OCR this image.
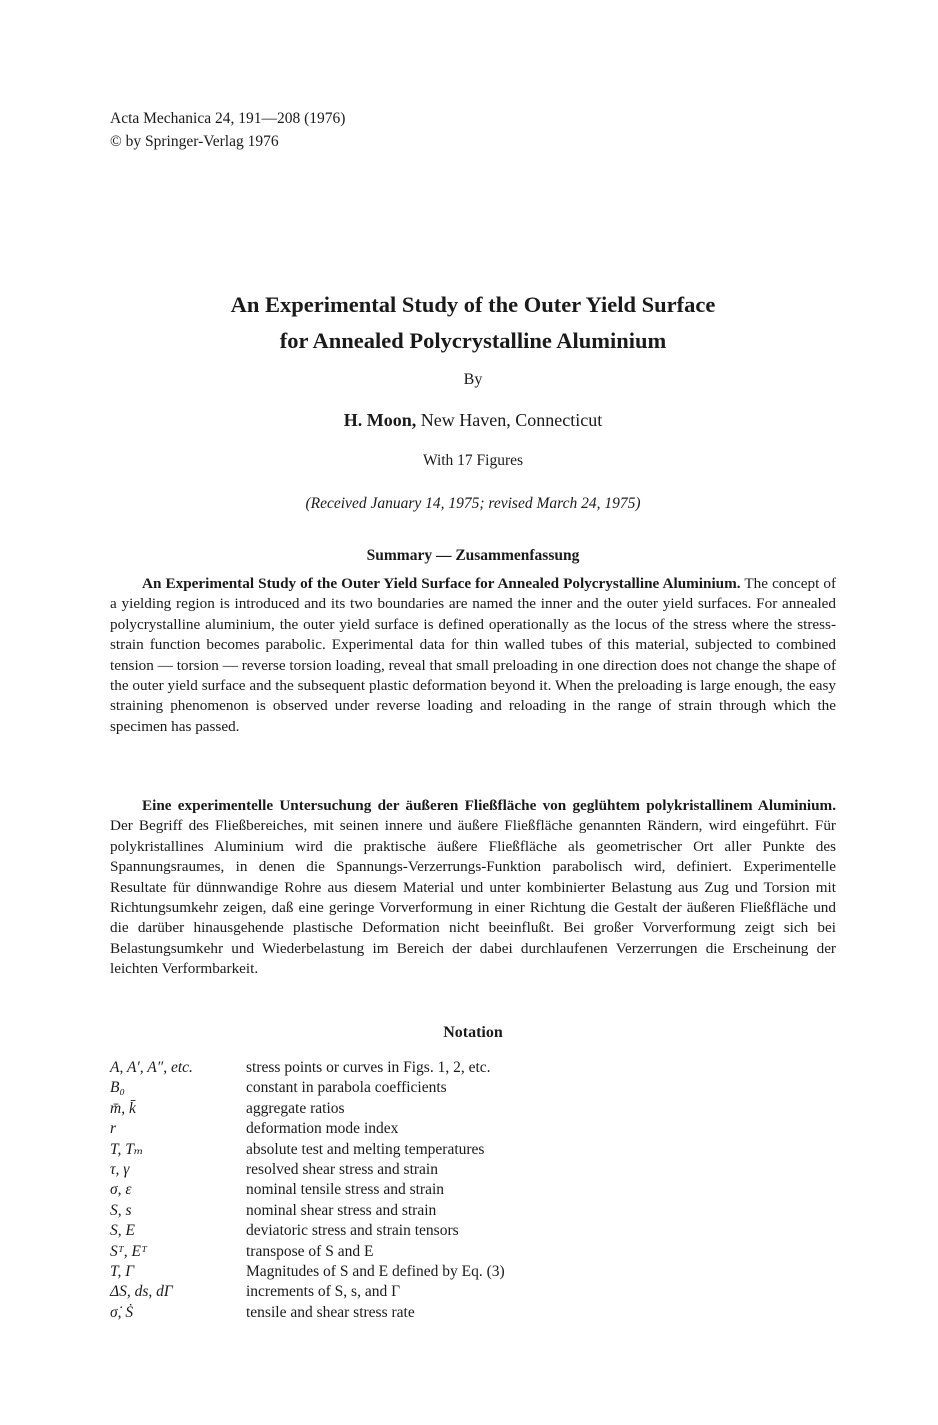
Acta Mechanica 24, 191—208 (1976)
© by Springer-Verlag 1976
An Experimental Study of the Outer Yield Surface
for Annealed Polycrystalline Aluminium
By
H. Moon, New Haven, Connecticut
With 17 Figures
(Received January 14, 1975; revised March 24, 1975)
Summary — Zusammenfassung

An Experimental Study of the Outer Yield Surface for Annealed Polycrystalline Aluminium. The concept of a yielding region is introduced and its two boundaries are named the inner and the outer yield surfaces. For annealed polycrystalline aluminium, the outer yield surface is defined operationally as the locus of the stress where the stress-strain function becomes parabolic. Experimental data for thin walled tubes of this material, subjected to combined tension — torsion — reverse torsion loading, reveal that small preloading in one direction does not change the shape of the outer yield surface and the subsequent plastic deformation beyond it. When the preloading is large enough, the easy straining phenomenon is observed under reverse loading and reloading in the range of strain through which the specimen has passed.

Eine experimentelle Untersuchung der äußeren Fließfläche von geglühtem polykristallinem Aluminium. Der Begriff des Fließbereiches, mit seinen innere und äußere Fließfläche genannten Rändern, wird eingeführt. Für polykristallines Aluminium wird die praktische äußere Fließfläche als geometrischer Ort aller Punkte des Spannungsraumes, in denen die Spannungs-Verzerrungs-Funktion parabolisch wird, definiert. Experimentelle Resultate für dünnwandige Rohre aus diesem Material und unter kombinierter Belastung aus Zug und Torsion mit Richtungsumkehr zeigen, daß eine geringe Vorverformung in einer Richtung die Gestalt der äußeren Fließfläche und die darüber hinausgehende plastische Deformation nicht beeinflußt. Bei großer Vorverformung zeigt sich bei Belastungsumkehr und Wiederbelastung im Bereich der dabei durchlaufenen Verzerrungen die Erscheinung der leichten Verformbarkeit.

Notation
A, A′, A″, etc.	stress points or curves in Figs. 1, 2, etc.
B₀	constant in parabola coefficients
m̄, k̄	aggregate ratios
r	deformation mode index
T, Tₘ	absolute test and melting temperatures
τ, γ	resolved shear stress and strain
σ, ε	nominal tensile stress and strain
S, s	nominal shear stress and strain
S, E	deviatoric stress and strain tensors
Sᵀ, Eᵀ	transpose of S and E
T, Γ	Magnitudes of S and E defined by Eq. (3)
ΔS, ds, dΓ	increments of S, s, and Γ
σ̇, Ṡ	tensile and shear stress rate
